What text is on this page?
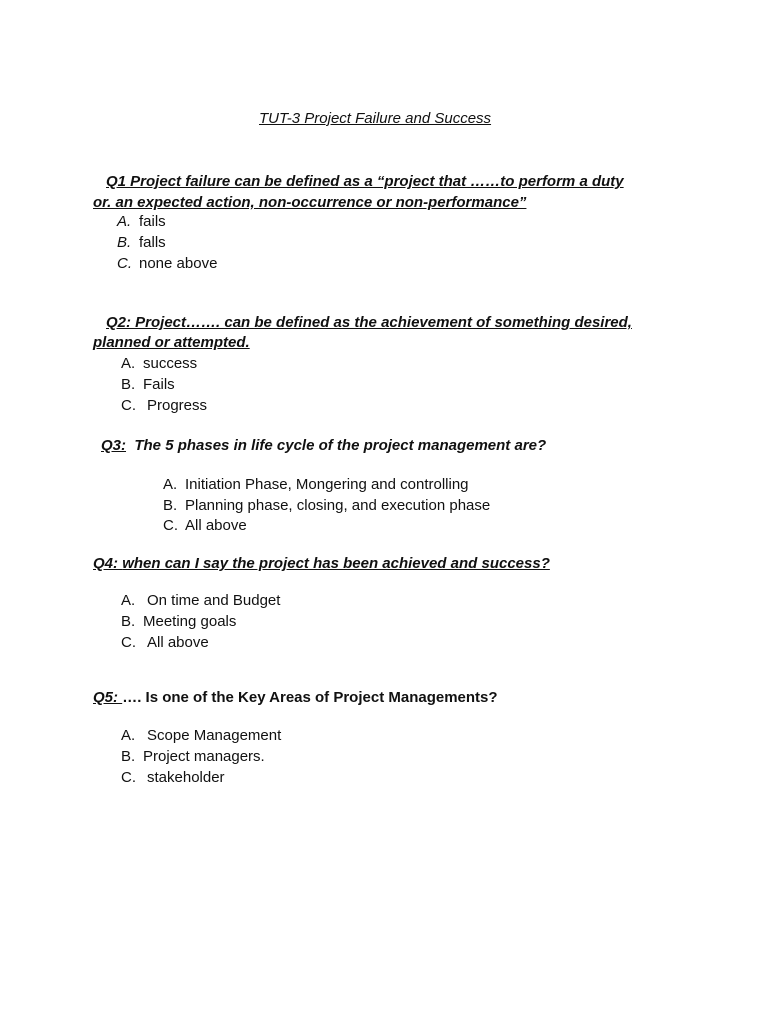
TUT-3 Project Failure and Success
Q1 Project failure can be defined as a “project that ……to perform a duty
or. an expected action, non-occurrence or non-performance”
A. fails
B. falls
C. none above
Q2: Project……. can be defined as the achievement of something desired,
planned or attempted.
A. success
B. Fails
C. Progress
Q3: The 5 phases in life cycle of the project management are?
A. Initiation Phase, Mongering and controlling
B. Planning phase, closing, and execution phase
C. All above
Q4: when can I say the project has been achieved and success?
A. On time and Budget
B. Meeting goals
C. All above
Q5: …. Is one of the Key Areas of Project Managements?
A. Scope Management
B. Project managers.
C. stakeholder
